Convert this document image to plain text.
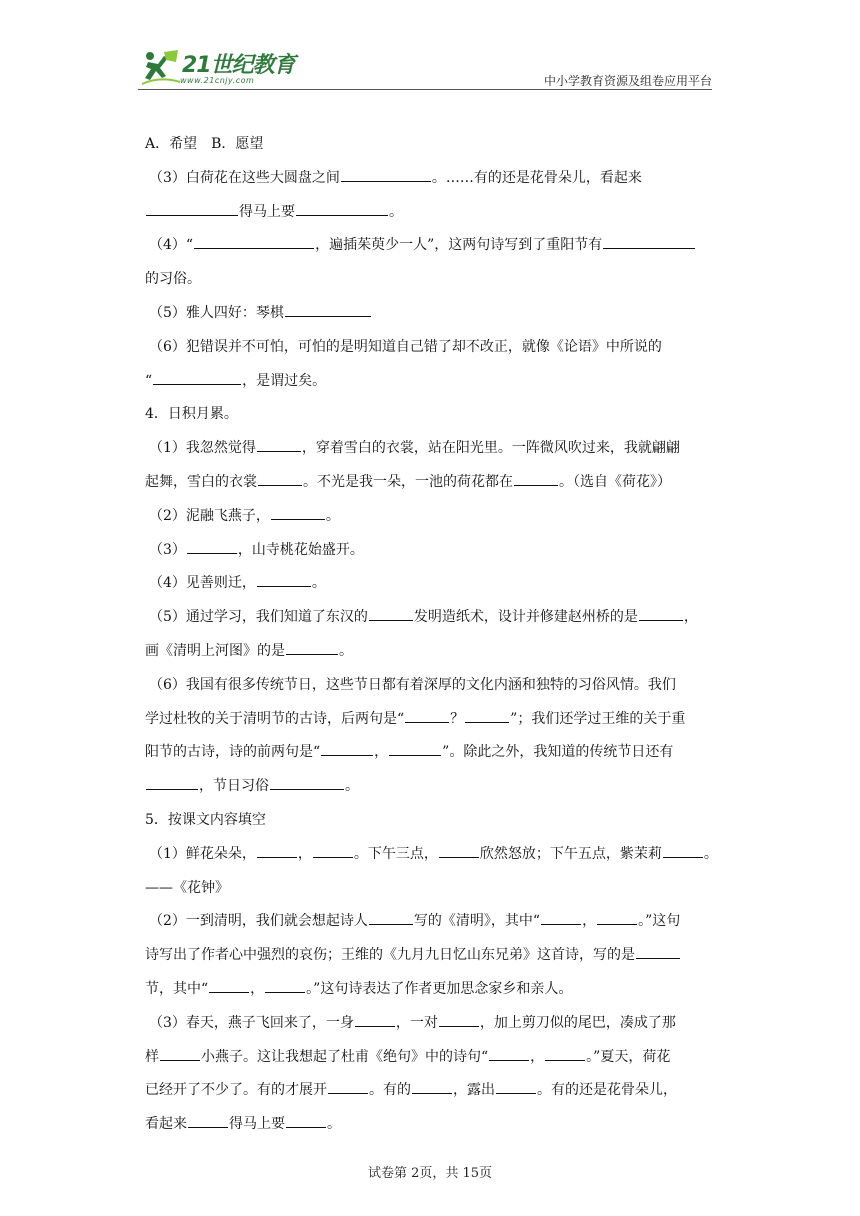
21世纪教育
www.21cnjy.com	中小学教育资源及组卷应用平台
A．希望　B．愿望
（3）白荷花在这些大圆盘之间	。……有的还是花骨朵儿，看起来
得马上要	。
（4）“	，遍插茱萸少一人”，这两句诗写到了重阳节有
的习俗。
（5）雅人四好：琴棋
（6）犯错误并不可怕，可怕的是明知道自己错了却不改正，就像《论语》中所说的
“	，是谓过矣。
4．日积月累。
（1）我忽然觉得	，穿着雪白的衣裳，站在阳光里。一阵微风吹过来，我就翩翩
起舞，雪白的衣裳	。不光是我一朵，一池的荷花都在	。（选自《荷花》）
（2）泥融飞燕子，	。
（3）	，山寺桃花始盛开。
（4）见善则迁，	。
（5）通过学习，我们知道了东汉的	发明造纸术，设计并修建赵州桥的是	，
画《清明上河图》的是	。
（6）我国有很多传统节日，这些节日都有着深厚的文化内涵和独特的习俗风情。我们
学过杜牧的关于清明节的古诗，后两句是“	？	”；我们还学过王维的关于重
阳节的古诗，诗的前两句是“	，	”。除此之外，我知道的传统节日还有
，节日习俗	。
5．按课文内容填空
（1）鲜花朵朵，	，	。下午三点，	欣然怒放；下午五点，紫茉莉	。
——《花钟》
（2）一到清明，我们就会想起诗人	写的《清明》，其中“	，	。”这句
诗写出了作者心中强烈的哀伤；王维的《九月九日忆山东兄弟》这首诗，写的是
节，其中“	，	。”这句诗表达了作者更加思念家乡和亲人。
（3）春天，燕子飞回来了，一身	，一对	，加上剪刀似的尾巴，凑成了那
样	小燕子。这让我想起了杜甫《绝句》中的诗句“	，	。”夏天，荷花
已经开了不少了。有的才展开	。有的	，露出	。有的还是花骨朵儿，
看起来	得马上要	。
试卷第 2页，共 15页
